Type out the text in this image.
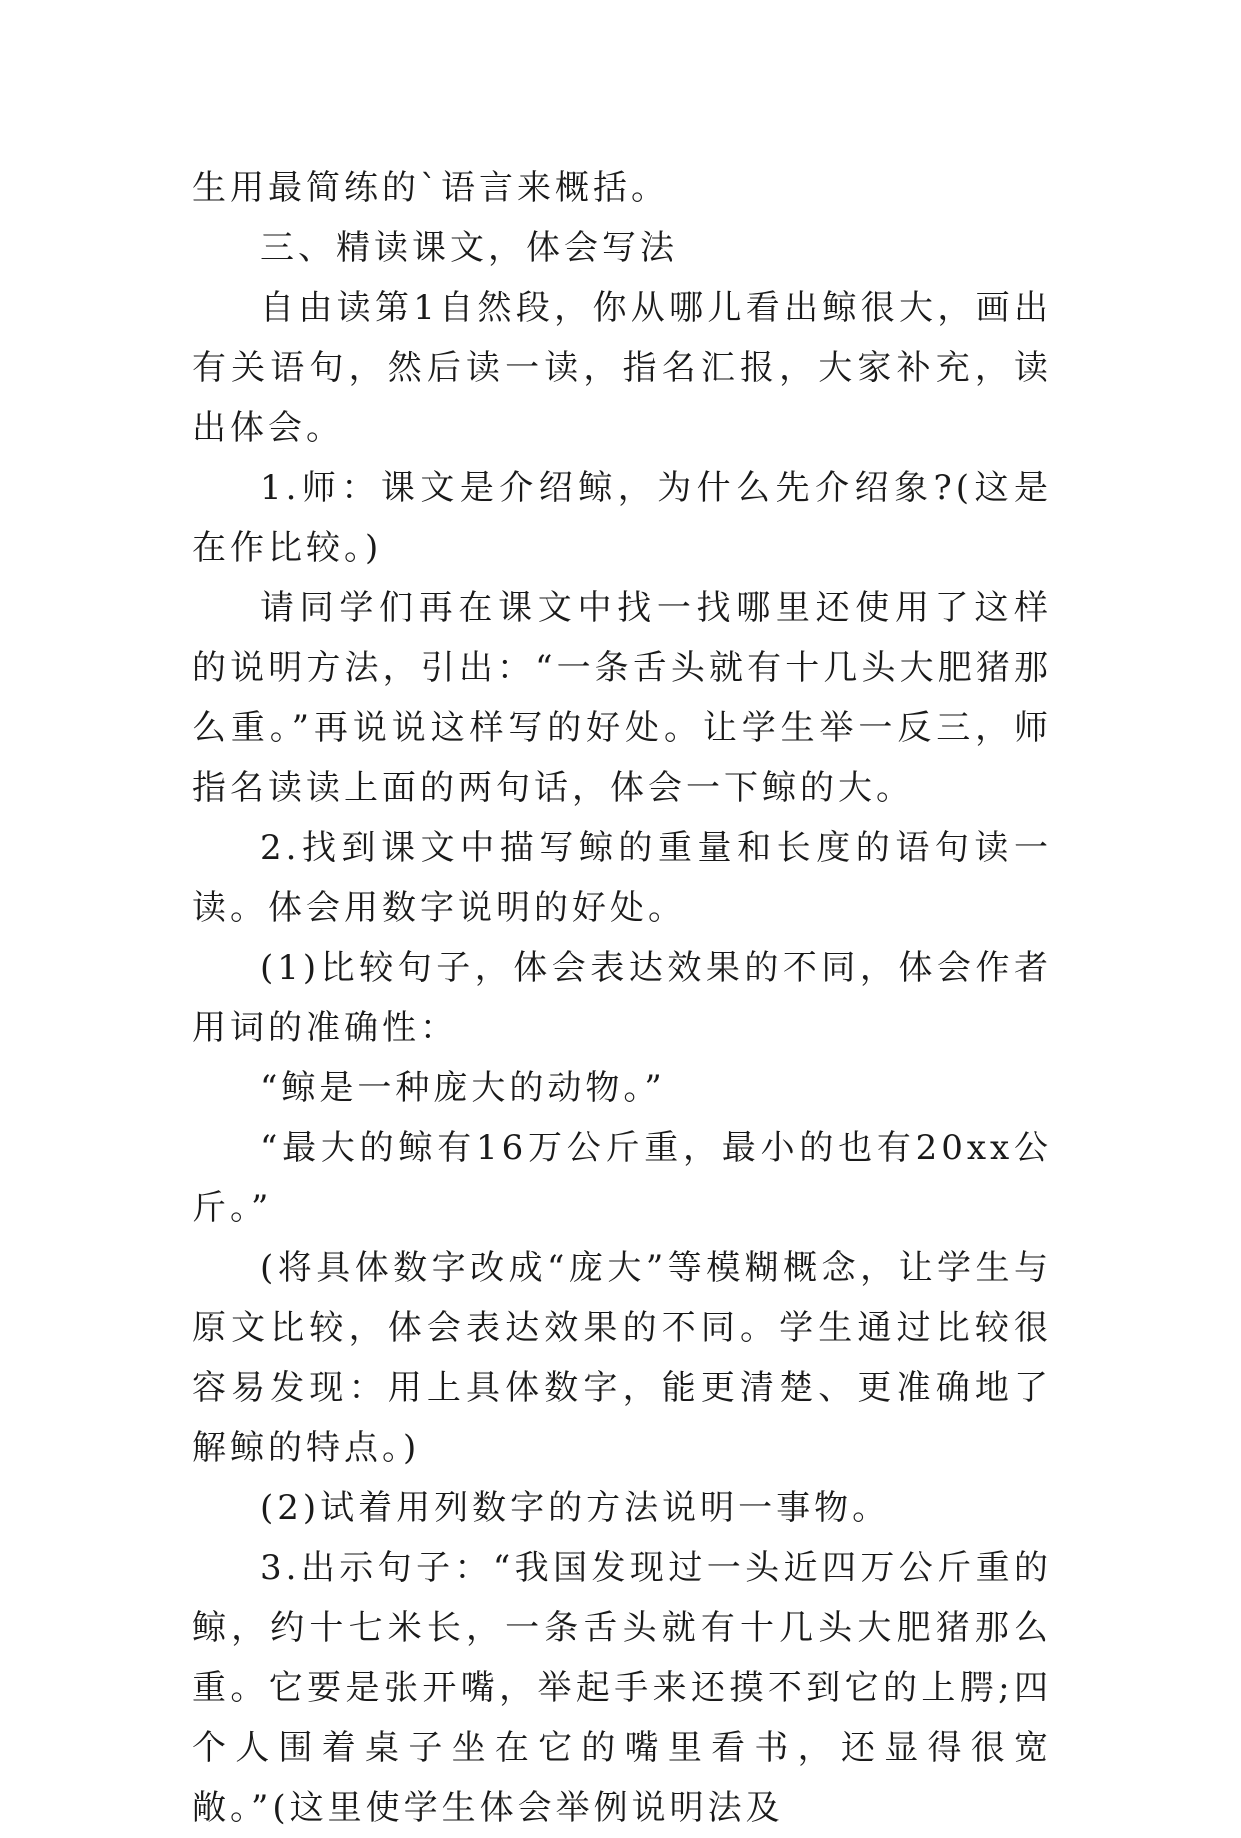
生用最简练的`语言来概括。

三、精读课文，体会写法

自由读第1自然段，你从哪儿看出鲸很大，画出有关语句，然后读一读，指名汇报，大家补充，读出体会。

1.师：课文是介绍鲸，为什么先介绍象?(这是在作比较。)

请同学们再在课文中找一找哪里还使用了这样的说明方法，引出：“一条舌头就有十几头大肥猪那么重。”再说说这样写的好处。让学生举一反三，师指名读读上面的两句话，体会一下鲸的大。

2.找到课文中描写鲸的重量和长度的语句读一读。体会用数字说明的好处。

(1)比较句子，体会表达效果的不同，体会作者用词的准确性：

“鲸是一种庞大的动物。”

“最大的鲸有16万公斤重，最小的也有20xx公斤。”

(将具体数字改成“庞大”等模糊概念，让学生与原文比较，体会表达效果的不同。学生通过比较很容易发现：用上具体数字，能更清楚、更准确地了解鲸的特点。)

(2)试着用列数字的方法说明一事物。

3.出示句子：“我国发现过一头近四万公斤重的鲸，约十七米长，一条舌头就有十几头大肥猪那么重。它要是张开嘴，举起手来还摸不到它的上腭;四个人围着桌子坐在它的嘴里看书，还显得很宽敞。”(这里使学生体会举例说明法及
